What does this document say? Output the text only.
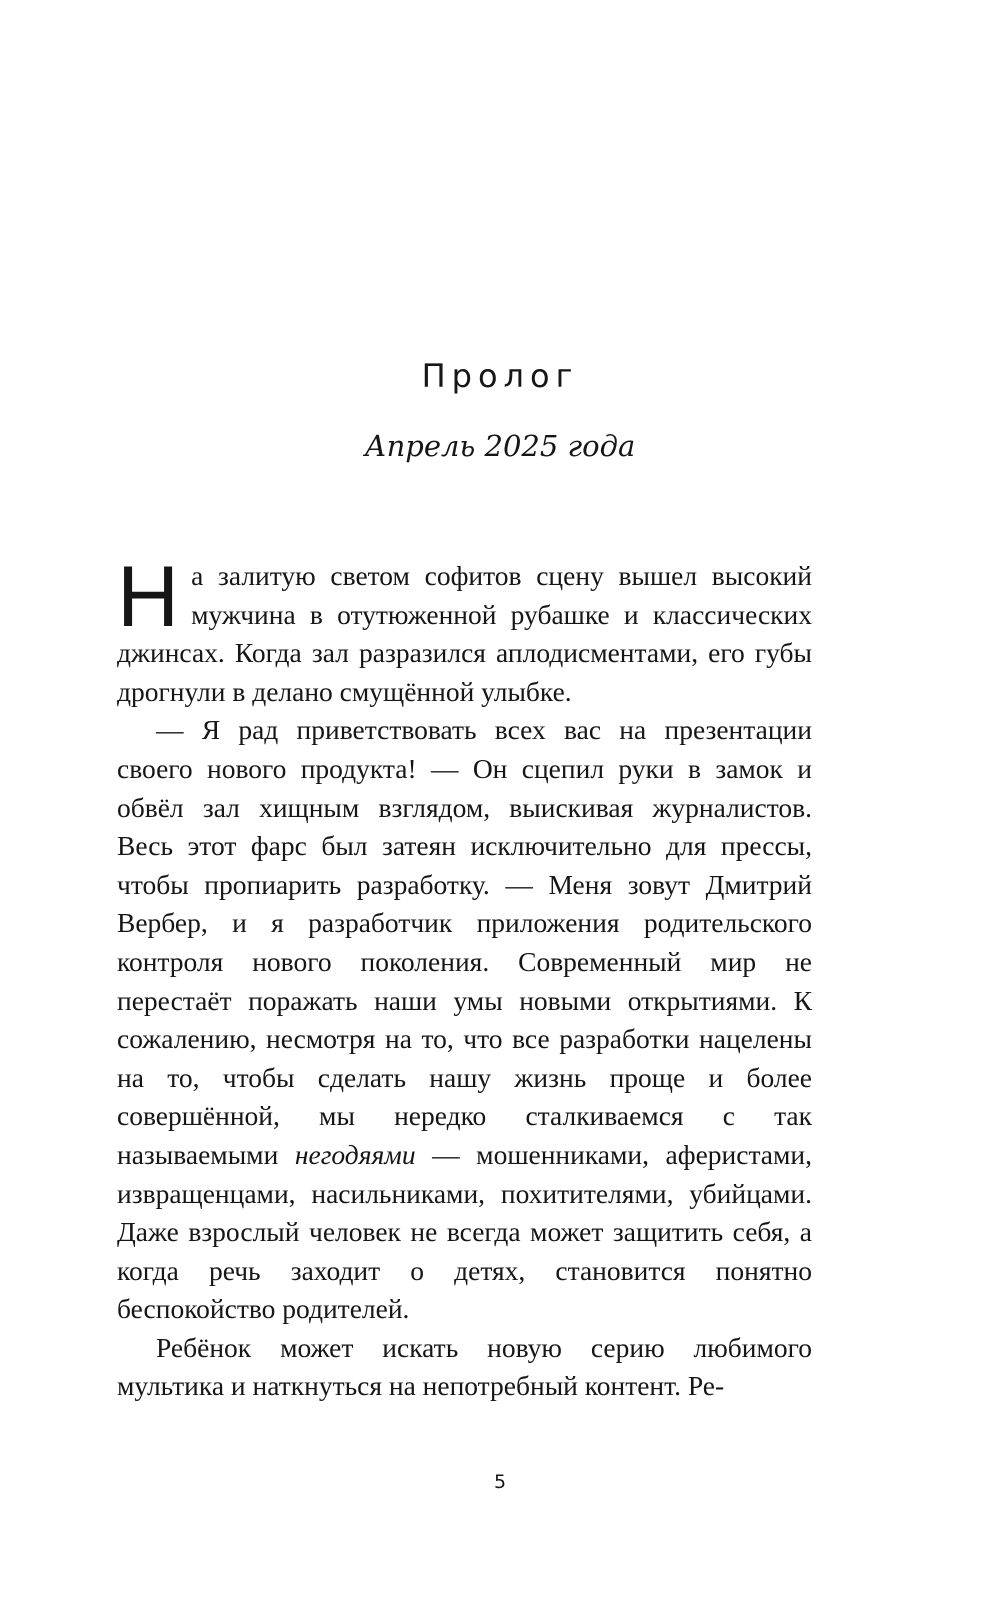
Пролог
Апрель 2025 года

На залитую светом софитов сцену вышел высокий мужчина в отутюженной рубашке и классических джинсах. Когда зал разразился аплодисментами, его губы дрогнули в делано смущённой улыбке.

— Я рад приветствовать всех вас на презентации своего нового продукта! — Он сцепил руки в замок и обвёл зал хищным взглядом, выискивая журналистов. Весь этот фарс был затеян исключительно для прессы, чтобы пропиарить разработку. — Меня зовут Дмитрий Вербер, и я разработчик приложения родительского контроля нового поколения. Современный мир не перестаёт поражать наши умы новыми открытиями. К сожалению, несмотря на то, что все разработки нацелены на то, чтобы сделать нашу жизнь проще и более совершённой, мы нередко сталкиваемся с так называемыми негодяями — мошенниками, аферистами, извращенцами, насильниками, похитителями, убийцами. Даже взрослый человек не всегда может защитить себя, а когда речь заходит о детях, становится понятно беспокойство родителей.

Ребёнок может искать новую серию любимого мультика и наткнуться на непотребный контент. Ре-

5
